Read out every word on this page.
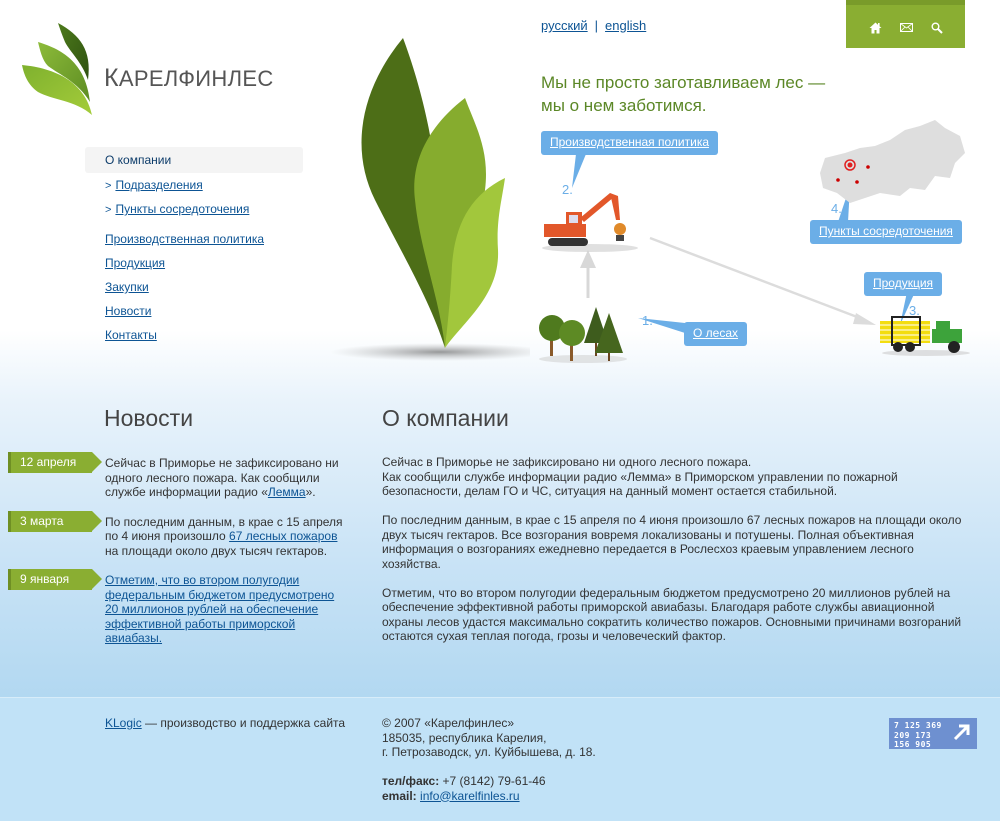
КАРЕЛФИНЛЕС
русский | english
Мы не просто заготавливаем лес —
мы о нем заботимся.
О компании
> Подразделения
> Пункты сосредоточения
Производственная политика
Продукция
Закупки
Новости
Контакты
Производственная политика
2.
О лесах
1.
Пункты сосредоточения
4.
Продукция
3.
Новости	О компании
12 апреля	Сейчас в Приморье не зафиксировано ни одного лесного пожара. Как сообщили службе информации радио «Лемма».
3 марта	По последним данным, в крае с 15 апреля по 4 июня произошло 67 лесных пожаров на площади около двух тысяч гектаров.
9 января	Отметим, что во втором полугодии федеральным бюджетом предусмотрено 20 миллионов рублей на обеспечение эффективной работы приморской авиабазы.

Сейчас в Приморье не зафиксировано ни одного лесного пожара.
Как сообщили службе информации радио «Лемма» в Приморском управлении по пожарной безопасности, делам ГО и ЧС, ситуация на данный момент остается стабильной.

По последним данным, в крае с 15 апреля по 4 июня произошло 67 лесных пожаров на площади около двух тысяч гектаров. Все возгорания вовремя локализованы и потушены. Полная объективная информация о возгораниях ежедневно передается в Рослесхоз краевым управлением лесного хозяйства.

Отметим, что во втором полугодии федеральным бюджетом предусмотрено 20 миллионов рублей на обеспечение эффективной работы приморской авиабазы. Благодаря работе службы авиационной охраны лесов удастся максимально сократить количество пожаров. Основными причинами возгораний остаются сухая теплая погода, грозы и человеческий фактор.

KLogic — производство и поддержка сайта	© 2007 «Карелфинлес»
185035, республика Карелия,
г. Петрозаводск, ул. Куйбышева, д. 18.
тел/факс: +7 (8142) 79-61-46
email: info@karelfinles.ru
7 125 369
209 173
156 905
